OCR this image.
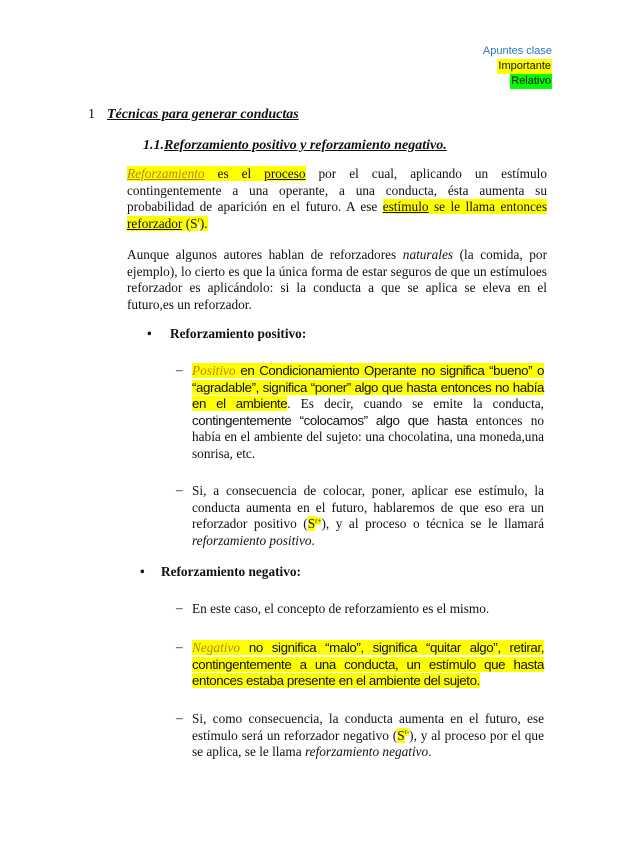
Apuntes clase
Importante
Relativo
1 Técnicas para generar conductas
1.1.Reforzamiento positivo y reforzamiento negativo.
Reforzamiento es el proceso por el cual, aplicando un estímulo contingentemente a una operante, a una conducta, ésta aumenta su probabilidad de aparición en el futuro. A ese estímulo se le llama entonces reforzador $(S^r)$.
Aunque algunos autores hablan de reforzadores naturales (la comida, por ejemplo), lo cierto es que la única forma de estar seguros de que un estímuloes reforzador es aplicándolo: si la conducta a que se aplica se eleva en el futuro,es un reforzador.
• Reforzamiento positivo:
– Positivo en Condicionamiento Operante no significa “bueno” o “agradable”, significa “poner” algo que hasta entonces no había en el ambiente. Es decir, cuando se emite la conducta, contingentemente “colocamos” algo que hasta entonces no había en el ambiente del sujeto: una chocolatina, una moneda,una sonrisa, etc.
– Si, a consecuencia de colocar, poner, aplicar ese estímulo, la conducta aumenta en el futuro, hablaremos de que eso era un reforzador positivo $(S^{r+})$, y al proceso o técnica se le llamará reforzamiento positivo.
• Reforzamiento negativo:
– En este caso, el concepto de reforzamiento es el mismo.
– Negativo no significa “malo”, significa “quitar algo”, retirar, contingentemente a una conducta, un estímulo que hasta entonces estaba presente en el ambiente del sujeto.
– Si, como consecuencia, la conducta aumenta en el futuro, ese estímulo será un reforzador negativo $(S^{r-})$, y al proceso por el que se aplica, se le llama reforzamiento negativo.
